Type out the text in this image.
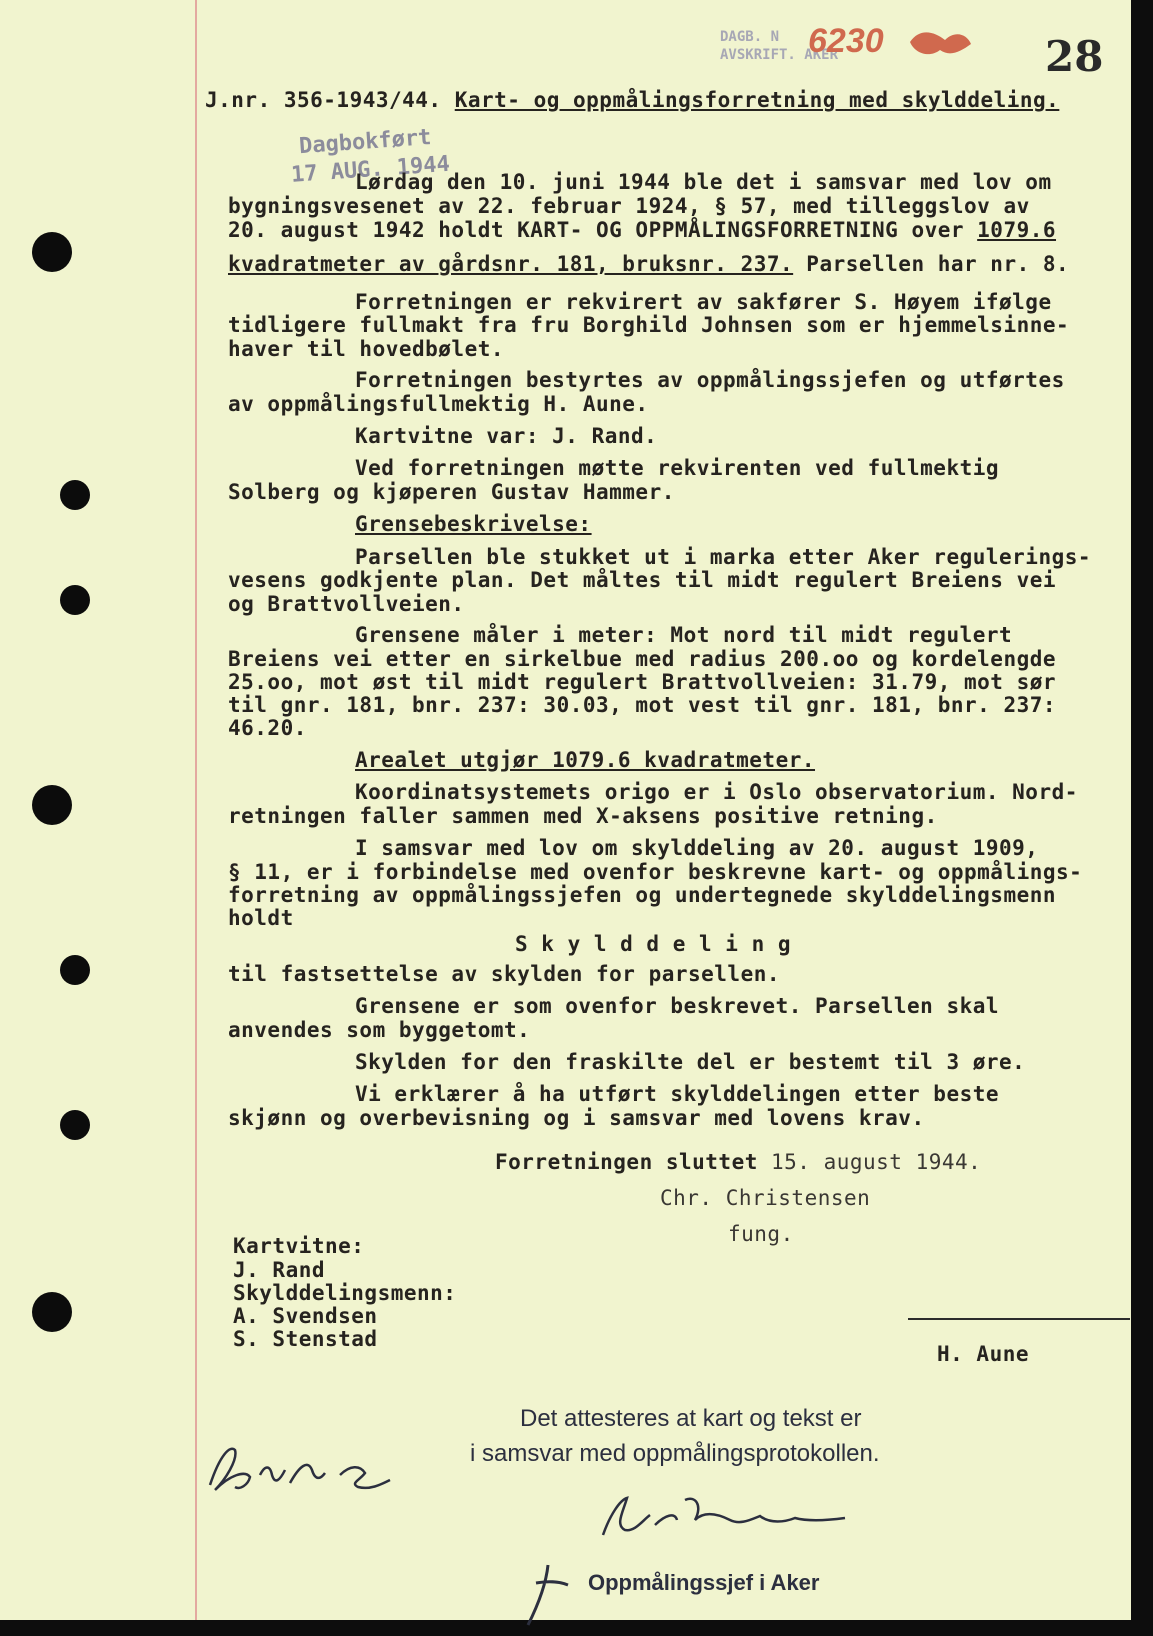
DAGB. N
AVSKRIFT. AKER
6230	28
J.nr. 356-1943/44. Kart- og oppmålingsforretning med skylddeling.
Dagbokført
17 AUG. 1944
Lørdag den 10. juni 1944 ble det i samsvar med lov om
bygningsvesenet av 22. februar 1924, § 57, med tilleggslov av
20. august 1942 holdt KART- OG OPPMÅLINGSFORRETNING over 1079.6
kvadratmeter av gårdsnr. 181, bruksnr. 237. Parsellen har nr. 8.
Forretningen er rekvirert av sakfører S. Høyem ifølge
tidligere fullmakt fra fru Borghild Johnsen som er hjemmelsinne-
haver til hovedbølet.
Forretningen bestyrtes av oppmålingssjefen og utførtes
av oppmålingsfullmektig H. Aune.
Kartvitne var: J. Rand.
Ved forretningen møtte rekvirenten ved fullmektig
Solberg og kjøperen Gustav Hammer.
Grensebeskrivelse:
Parsellen ble stukket ut i marka etter Aker regulerings-
vesens godkjente plan. Det måltes til midt regulert Breiens vei
og Brattvollveien.
Grensene måler i meter: Mot nord til midt regulert
Breiens vei etter en sirkelbue med radius 200.oo og kordelengde
25.oo, mot øst til midt regulert Brattvollveien: 31.79, mot sør
til gnr. 181, bnr. 237: 30.03, mot vest til gnr. 181, bnr. 237:
46.20.
Arealet utgjør 1079.6 kvadratmeter.
Koordinatsystemets origo er i Oslo observatorium. Nord-
retningen faller sammen med X-aksens positive retning.
I samsvar med lov om skylddeling av 20. august 1909,
§ 11, er i forbindelse med ovenfor beskrevne kart- og oppmålings-
forretning av oppmålingssjefen og undertegnede skylddelingsmenn
holdt
S k y l d d e l i n g
til fastsettelse av skylden for parsellen.
Grensene er som ovenfor beskrevet. Parsellen skal
anvendes som byggetomt.
Skylden for den fraskilte del er bestemt til 3 øre.
Vi erklærer å ha utført skylddelingen etter beste
skjønn og overbevisning og i samsvar med lovens krav.
Forretningen sluttet 15. august 1944.
Chr. Christensen
fung.
Kartvitne:
J. Rand
Skylddelingsmenn:
A. Svendsen
S. Stenstad
H. Aune
Det attesteres at kart og tekst er
i samsvar med oppmålingsprotokollen.
Oppmålingssjef i Aker
